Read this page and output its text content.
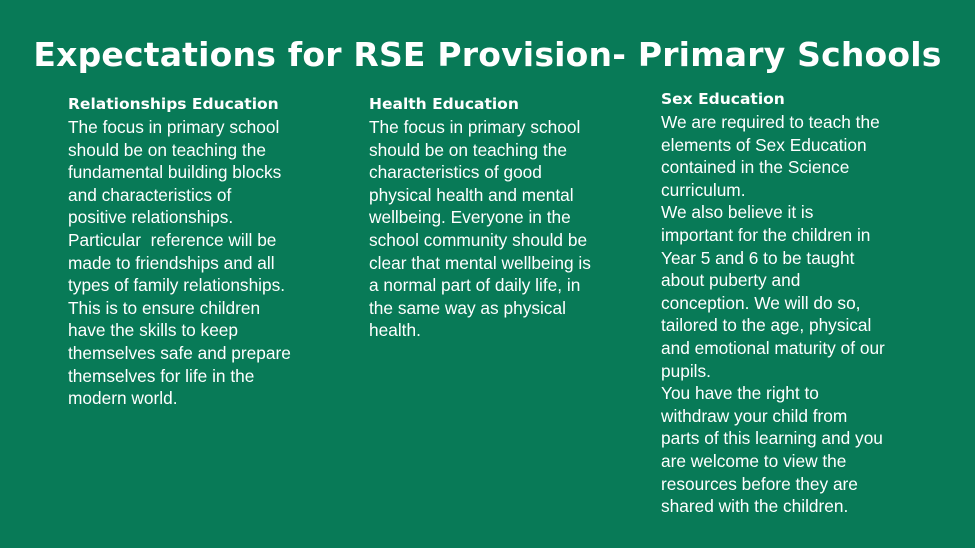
Expectations for RSE Provision- Primary Schools
Relationships Education
The focus in primary school
should be on teaching the
fundamental building blocks
and characteristics of
positive relationships.
Particular  reference will be
made to friendships and all
types of family relationships.
This is to ensure children
have the skills to keep
themselves safe and prepare
themselves for life in the
modern world.
Health Education
The focus in primary school
should be on teaching the
characteristics of good
physical health and mental
wellbeing. Everyone in the
school community should be
clear that mental wellbeing is
a normal part of daily life, in
the same way as physical
health.
Sex Education
We are required to teach the
elements of Sex Education
contained in the Science
curriculum.
We also believe it is
important for the children in
Year 5 and 6 to be taught
about puberty and
conception. We will do so,
tailored to the age, physical
and emotional maturity of our
pupils.
You have the right to
withdraw your child from
parts of this learning and you
are welcome to view the
resources before they are
shared with the children.
